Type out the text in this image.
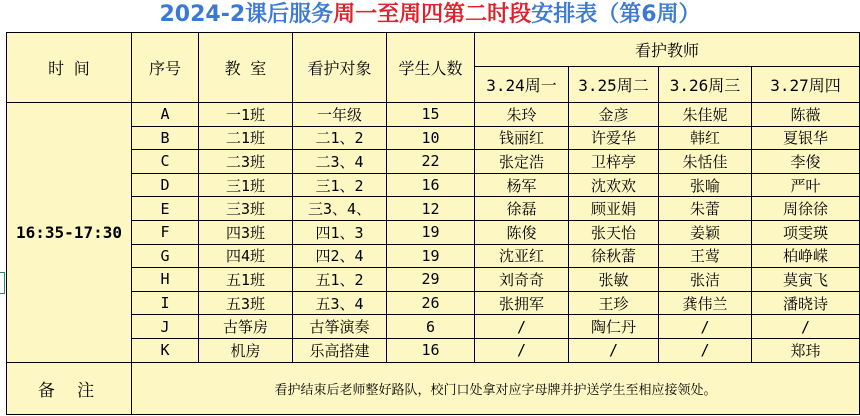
2024-2课后服务周一至周四第二时段安排表（第6周）
时 间	序号	教 室	看护对象	学生人数	看护教师			
					3.24周一	3.25周二	3.26周三	3.27周四
16:35-17:30	A	一1班	一年级	15	朱玲	金彦	朱佳妮	陈薇
	B	二1班	二1、2	10	钱丽红	许爱华	韩红	夏银华
	C	二3班	二3、4	22	张定浩	卫梓亭	朱恬佳	李俊
	D	三1班	三1、2	16	杨军	沈欢欢	张喻	严叶
	E	三3班	三3、4、	12	徐磊	顾亚娟	朱蕾	周徐徐
	F	四3班	四1、3	19	陈俊	张天怡	姜颖	项雯瑛
	G	四4班	四2、4	19	沈亚红	徐秋蕾	王莺	柏峥嵘
	H	五1班	五1、2	29	刘奇奇	张敏	张洁	莫寅飞
	I	五3班	五3、4	26	张拥军	王珍	龚伟兰	潘晓诗
	J	古筝房	古筝演奏	6	/	陶仁丹	/	/
	K	机房	乐高搭建	16	/	/	/	郑玮
备 注	看护结束后老师整好路队，校门口处拿对应字母牌并护送学生至相应接领处。							
